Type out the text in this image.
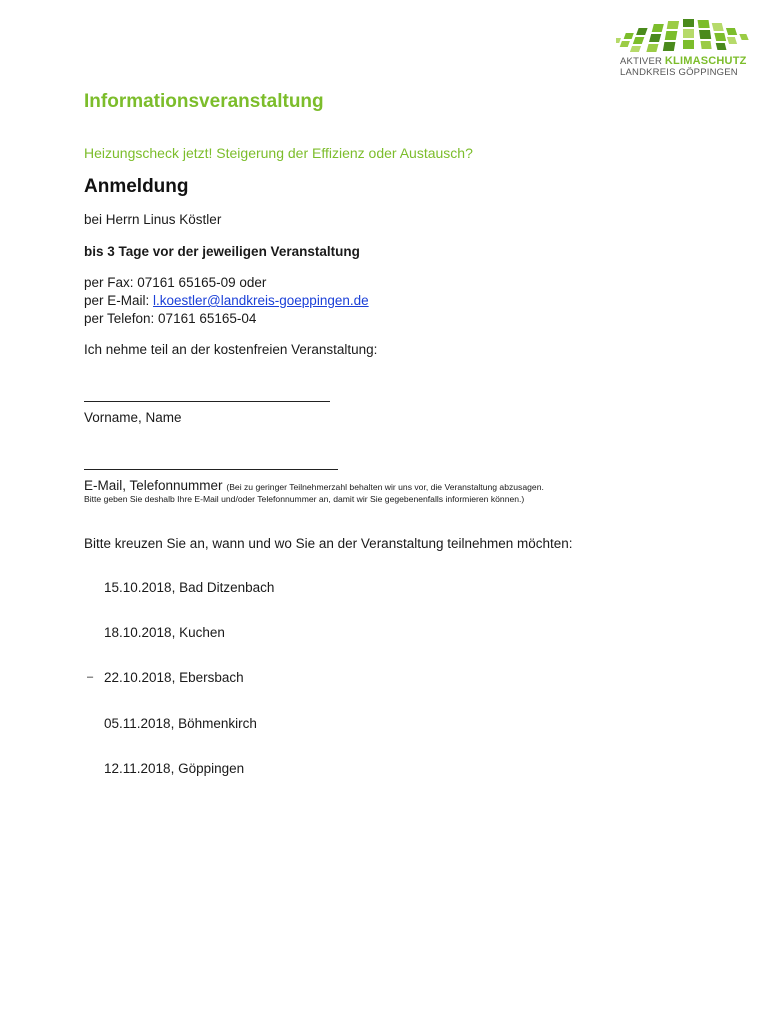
AKTIVER KLIMASCHUTZ
LANDKREIS GÖPPINGEN
Informationsveranstaltung
Heizungscheck jetzt! Steigerung der Effizienz oder Austausch?
Anmeldung
bei Herrn Linus Köstler
bis 3 Tage vor der jeweiligen Veranstaltung
per Fax: 07161 65165-09 oder
per E-Mail: l.koestler@landkreis-goeppingen.de
per Telefon: 07161 65165-04
Ich nehme teil an der kostenfreien Veranstaltung:
Vorname, Name
E-Mail, Telefonnummer (Bei zu geringer Teilnehmerzahl behalten wir uns vor, die Veranstaltung abzusagen.
Bitte geben Sie deshalb Ihre E-Mail und/oder Telefonnummer an, damit wir Sie gegebenenfalls informieren können.)
Bitte kreuzen Sie an, wann und wo Sie an der Veranstaltung teilnehmen möchten:
15.10.2018, Bad Ditzenbach
18.10.2018, Kuchen
– 22.10.2018, Ebersbach
05.11.2018, Böhmenkirch
12.11.2018, Göppingen
